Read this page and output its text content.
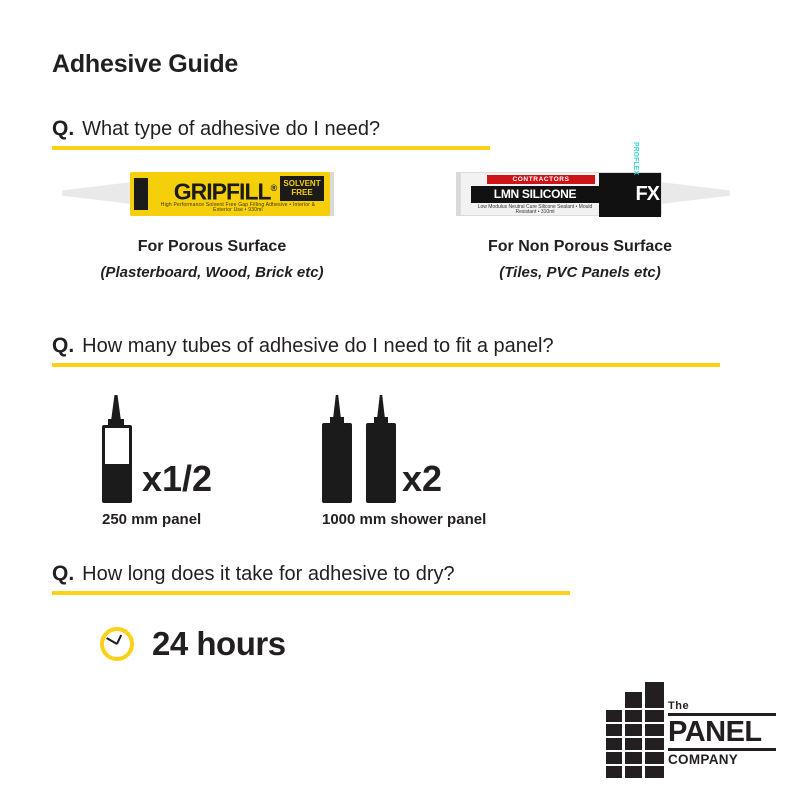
Adhesive Guide
Q. What type of adhesive do I need?
GRIPFILL® SOLVENT FREE
High Performance Solvent Free Gap Filling Adhesive • Interior & Exterior Use • 930ml
For Porous Surface
(Plasterboard, Wood, Brick etc)
CONTRACTORS
LMN SILICONE
Low Modulus Neutral Cure Silicone Sealant • Mould Resistant • 310ml
PROFLEX
FX
For Non Porous Surface
(Tiles, PVC Panels etc)
Q. How many tubes of adhesive do I need to fit a panel?
x1/2
250 mm panel
x2
1000 mm shower panel
Q. How long does it take for adhesive to dry?
24 hours
The
PANEL
COMPANY
